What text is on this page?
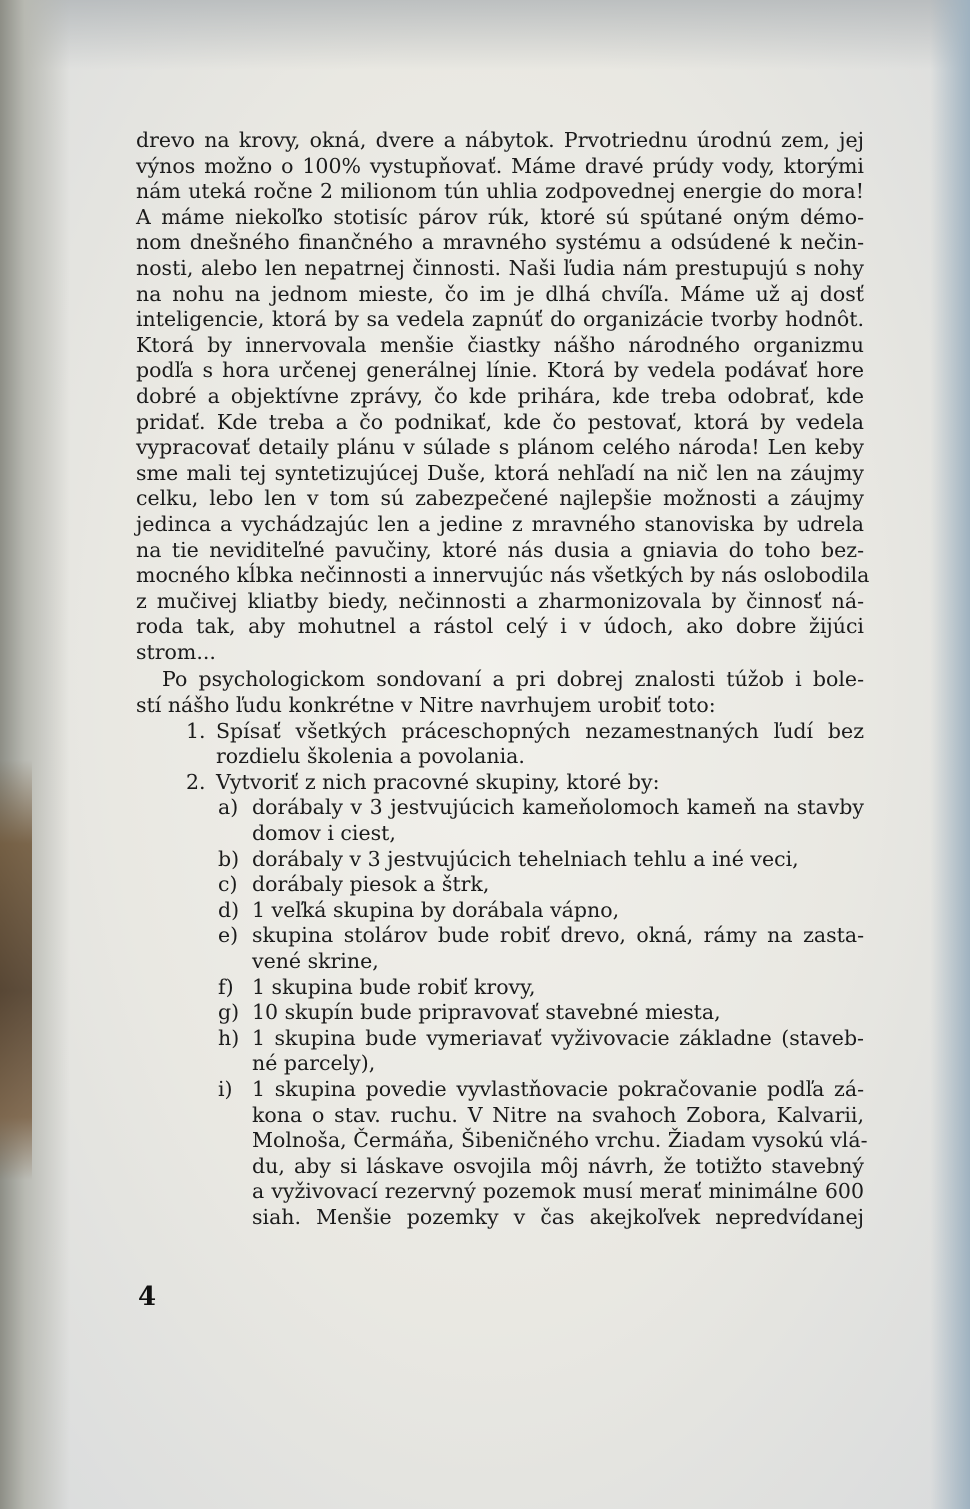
drevo na krovy, okná, dvere a nábytok. Prvotriednu úrodnú zem, jej
výnos možno o 100% vystupňovať. Máme dravé prúdy vody, ktorými
nám uteká ročne 2 milionom tún uhlia zodpovednej energie do mora!
A máme niekoľko stotisíc párov rúk, ktoré sú spútané oným démo-
nom dnešného finančného a mravného systému a odsúdené k nečin-
nosti, alebo len nepatrnej činnosti. Naši ľudia nám prestupujú s nohy
na nohu na jednom mieste, čo im je dlhá chvíľa. Máme už aj dosť
inteligencie, ktorá by sa vedela zapnúť do organizácie tvorby hodnôt.
Ktorá by innervovala menšie čiastky nášho národného organizmu
podľa s hora určenej generálnej línie. Ktorá by vedela podávať hore
dobré a objektívne zprávy, čo kde prihára, kde treba odobrať, kde
pridať. Kde treba a čo podnikať, kde čo pestovať, ktorá by vedela
vypracovať detaily plánu v súlade s plánom celého národa! Len keby
sme mali tej syntetizujúcej Duše, ktorá nehľadí na nič len na záujmy
celku, lebo len v tom sú zabezpečené najlepšie možnosti a záujmy
jedinca a vychádzajúc len a jedine z mravného stanoviska by udrela
na tie neviditeľné pavučiny, ktoré nás dusia a gniavia do toho bez-
mocného kĺbka nečinnosti a innervujúc nás všetkých by nás oslobodila
z mučivej kliatby biedy, nečinnosti a zharmonizovala by činnosť ná-
roda tak, aby mohutnel a rástol celý i v údoch, ako dobre žijúci
strom...

Po psychologickom sondovaní a pri dobrej znalosti túžob i bole-
stí nášho ľudu konkrétne v Nitre navrhujem urobiť toto:

1. Spísať všetkých práceschopných nezamestnaných ľudí bez
rozdielu školenia a povolania.
2. Vytvoriť z nich pracovné skupiny, ktoré by:
a) dorábaly v 3 jestvujúcich kameňolomoch kameň na stavby
domov i ciest,
b) dorábaly v 3 jestvujúcich tehelniach tehlu a iné veci,
c) dorábaly piesok a štrk,
d) 1 veľká skupina by dorábala vápno,
e) skupina stolárov bude robiť drevo, okná, rámy na zasta-
vené skrine,
f) 1 skupina bude robiť krovy,
g) 10 skupín bude pripravovať stavebné miesta,
h) 1 skupina bude vymeriavať vyživovacie základne (staveb-
né parcely),
i) 1 skupina povedie vyvlastňovacie pokračovanie podľa zá-
kona o stav. ruchu. V Nitre na svahoch Zobora, Kalvarii,
Molnoša, Čermáňa, Šibeničného vrchu. Žiadam vysokú vlá-
du, aby si láskave osvojila môj návrh, že totižto stavebný
a vyživovací rezervný pozemok musí merať minimálne 600
siah. Menšie pozemky v čas akejkoľvek nepredvídanej
4
